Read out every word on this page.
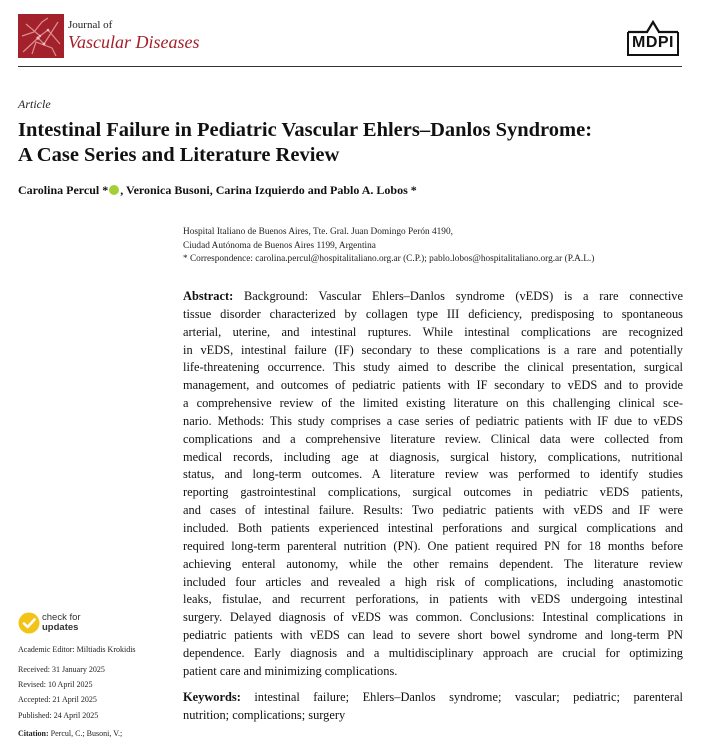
Journal of
Vascular Diseases	MDPI
Article
Intestinal Failure in Pediatric Vascular Ehlers–Danlos Syndrome:
A Case Series and Literature Review
Carolina Percul * , Veronica Busoni, Carina Izquierdo and Pablo A. Lobos *
Hospital Italiano de Buenos Aires, Tte. Gral. Juan Domingo Perón 4190,
Ciudad Autónoma de Buenos Aires 1199, Argentina
* Correspondence: carolina.percul@hospitalitaliano.org.ar (C.P.); pablo.lobos@hospitalitaliano.org.ar (P.A.L.)
Abstract: Background: Vascular Ehlers–Danlos syndrome (vEDS) is a rare connective
tissue disorder characterized by collagen type III deficiency, predisposing to spontaneous
arterial, uterine, and intestinal ruptures. While intestinal complications are recognized
in vEDS, intestinal failure (IF) secondary to these complications is a rare and potentially
life-threatening occurrence. This study aimed to describe the clinical presentation, surgical
management, and outcomes of pediatric patients with IF secondary to vEDS and to provide
a comprehensive review of the limited existing literature on this challenging clinical sce-
nario. Methods: This study comprises a case series of pediatric patients with IF due to vEDS
complications and a comprehensive literature review. Clinical data were collected from
medical records, including age at diagnosis, surgical history, complications, nutritional
status, and long-term outcomes. A literature review was performed to identify studies
reporting gastrointestinal complications, surgical outcomes in pediatric vEDS patients,
and cases of intestinal failure. Results: Two pediatric patients with vEDS and IF were
included. Both patients experienced intestinal perforations and surgical complications and
required long-term parenteral nutrition (PN). One patient required PN for 18 months before
achieving enteral autonomy, while the other remains dependent. The literature review
included four articles and revealed a high risk of complications, including anastomotic
leaks, fistulae, and recurrent perforations, in patients with vEDS undergoing intestinal
surgery. Delayed diagnosis of vEDS was common. Conclusions: Intestinal complications in
pediatric patients with vEDS can lead to severe short bowel syndrome and long-term PN
dependence. Early diagnosis and a multidisciplinary approach are crucial for optimizing
patient care and minimizing complications.
Keywords: intestinal failure; Ehlers–Danlos syndrome; vascular; pediatric; parenteral
nutrition; complications; surgery
check for
updates
Academic Editor: Miltiadis Krokidis
Received: 31 January 2025
Revised: 10 April 2025
Accepted: 21 April 2025
Published: 24 April 2025
Citation: Percul, C.; Busoni, V.;
